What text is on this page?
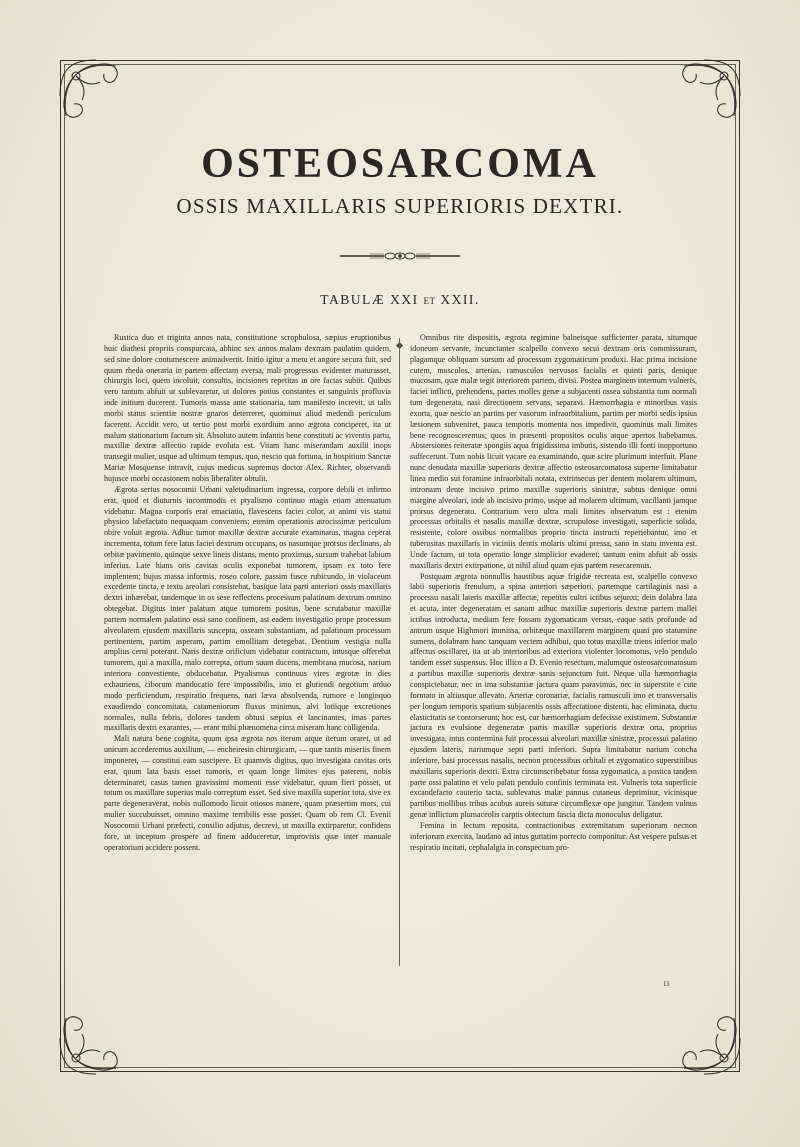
OSTEOSARCOMA
OSSIS MAXILLARIS SUPERIORIS DEXTRI.
TABULÆ XXI ET XXII.

Rustica duo et triginta annos nata, constitutione scrophulosa, sæpius eruptionibus huic diathesi propriis conspurcata, abhinc sex annos malam dextram paulatim quidem, sed sine dolore contumescere animadvertit. Initio igitur a metu et angore secura fuit, sed quum rheda oneraria in partem affectam eversa, mali progressus evidenter maturasset, chirurgis loci, quem incoluit, consultis, incisiones repetitas in ore factas subiit. Quibus vero tantum abfuit ut sublevaretur, ut dolores potius constantes et sanguinis profluvia inde initium ducerent. Tumoris massa ante stationaria, tam manifesto increvit, ut talis morbi status scientiæ nostræ gnaros deterreret, quominus aliud medendi periculum facerent. Accidit vero, ut tertio post morbi exordium anno ægrota conciperet, ita ut malum stationarium factum sit. Absoluto autem infantis bene constituti ac viventis partu, maxillæ dextræ affectio rapide evoluta est. Vitam hanc miserandam auxilii inops transegit mulier, usque ad ultimum tempus, quo, nescio qua fortuna, in hospitium Sanctæ Mariæ Mosquense intravit, cujus medicus supremus doctor Alex. Richter, observandi hujusce morbi occasionem nobis liberaliter obtulit.

Ægrota serius nosocomii Urbani valetudinarium ingressa, corpore debili et infirmo erat, quod et diuturnis incommodis et ptyalismo continuo magis etiam attenuatum videbatur. Magna corporis erat emaciatio, flavescens faciei color, at animi vis statui physico labefactato nequaquam conveniens; etenim operationis atrocissimæ periculum obire voluit ægrota. Adhuc tumor maxillæ dextræ accurate examinatus, magna ceperat incrementa, totum fere latus faciei dextrum occupans, os nasumque prorsus declinans, ab orbitæ pavimento, quinque sexve lineis distans, mento proximus, sursum trahebat labium inferius. Late hians oris cavitas oculis exponebat tumorem, ipsam ex toto fere implentem; hujus massa informis, roseo colore, passim fusce rubicundo, in violaceum excedente tincta, e textu areolari consistebat, basique lata parti anteriori ossis maxillaris dextri inhærebat, tandemque in os sese reflectens processum palatinum dextrum omnino obtegebat. Digitus inter palatum atque tumorem positus, bene scrutabatur maxillæ partem normalem palatino ossi sano confinem, ast eadem investigatio prope processum alveolarem ejusdem maxillaris suscepta, osseam substantiam, ad palatinum processum pertinentem, partim asperam, partim emollitam detegebat. Dentium vestigia nulla amplius cerni poterant. Naris dextræ orificium videbatur contractum, intusque offerebat tumorem, qui a maxilla, malo correpta, ortum suum ducens, membrana mucosa, narium interiora convestiente, obducebatur. Ptyalismus continuus vires ægrotæ in dies exhauriens, ciborum manducatio fere impossibilis, imo et glutiendi negotium arduo modo perficiendum, respiratio frequens, nari læva absolvenda, rumore e longinquo exaudiendo concomitata, catameniorum fluxus minimus, alvi lotiique excretiones normales, nulla febris, dolores tandem obtusi sæpius et lancinantes, imas partes maxillaris dextri exarantes, — erant mihi phænomena circa miseram hanc colligenda.

Mali natura bene cognita, quum ipsa ægrota nos iterum atque iterum oraret, ut ad unicum accederemus auxilium, — encheiresin chirurgicam, — quæ tantis miseriis finem imponeret, — constitui eam suscipere. Et quamvis digitus, quo investigata cavitas oris erat, quum lata basis esset tumoris, et quam longe limites ejus paterent, nobis determinaret, casus tamen gravissimi momenti esse videbatur, quum fieri posset, ut totum os maxillare superius malo correptum esset. Sed sive maxilla superior tota, sive ex parte degeneraverat, nobis nullomodo licuit otiosos manere, quam præsertim mors, cui mulier succubuisset, omnino maxime terribilis esse posset. Quam ob rem Cl. Evenii Nosocomii Urbani præfecti, consilio adjutus, decrevi, ut maxilla extirparetur, confidens fore, ut inceptum prospere ad finem adduceretur, improvisis quæ inter manuale operatorium accidere possent.

Omnibus rite dispositis, ægrota regimine balneisque sufficienter parata, situmque idoneum servante, incunctanter scalpello convexo secui dextram oris commissuram, plagamque obliquam sursum ad processum zygomaticum produxi. Hac prima incisione cutem, musculos, arterias, ramusculos nervosos facialis et quinti paris, denique mucosam, quæ malæ tegit interiorem partem, divisi. Postea marginem internum vulneris, faciei inflicti, prehendens, partes molles genæ a subjacenti ossea substantia tum normali tum degenerata, nasi directionem servans, separavi. Hæmorrhagia e minoribus vasis exorta, quæ nescio an partim per vasorum infraorbitalium, partim per morbi sedis ipsius læsionem subveniret, pauca temporis momenta nos impedivit, quominus mali limites bene recognosceremus; quos in præsenti propositos oculis atque apertos habebamus. Abstersiones reiteratæ spongiis aqua frigidissima imbutis, sistendo illi fonti inopportuno suffecerunt. Tum nobis licuit vacare ea examinando, quæ scire plurimum interfuit. Plane nunc denudata maxillæ superioris dextræ affectio osteosarcomatosa superne limitabatur linea medio sui foramine infraorbitali notata, extrinsecus per dentem molarem ultimum, introrsum dente incisivo primo maxillæ superioris sinistræ, subtus denique omni margine alveolari, inde ab incisivo primo, usque ad molarem ultimum, vacillanti jamque prorsus degenerato. Contrarium vero ultra mali limites observatum est : etenim processus orbitalis et nasalis maxillæ dextræ, scrupulose investigati, superficie solida, resistente, colore ossibus normalibus proprio tincta instructi reperiebantur, imo et tuberositas maxillaris in viciniis dentis molaris ultimi pressa, sano in statu inventa est. Unde factum, ut tota operatio longe simplicior evaderet; tantum enim abfuit ab ossis maxillaris dextri extirpatione, ut nihil aliud quam ejus partem resecaremus.

Postquam ægrota nonnullis haustibus aquæ frigidæ recreata est, scalpello convexo labii superioris frenulum, a spina anteriori sæperiori, partemque cartilaginis nasi a processu nasali lateris maxillæ affectæ, repetitis cultri ictibus sejunxi; dein dolabra lata et acuta, inter degeneratam et sanam adhuc maxillæ superioris dextræ partem mallei ictibus introducta, mediam fere fossam zygomaticam versus, eaque satis profunde ad antrum usque Highmori immissa, orbitæque maxillarem marginem quasi pro statumine sumens, dolabram hanc tanquam vectem adhibui, quo totus maxillæ triens inferior malo affectus oscillaret, ita ut ab interioribus ad exteriora violenter locomotus, velo pendulo tandem esset suspensus. Hoc illico a D. Evenio resectum, malumque osteosarcomatosum a partibus maxillæ superioris dextræ sanis sejunctum fuit. Neque ulla hæmorrhagia conspiciebatur, nec in ima substantiæ jactura quam paravimus, nec in superstite e cute formato in altiusque allevato. Arteriæ coronariæ, facialis ramusculi imo et transversalis per longum temporis spatium subjacentis ossis affectatione distenti, hac eliminata, ductu elasticitatis se contorserunt; hoc est, cur hæmorrhagiam defecisse existimem. Substantiæ jactura ex evulsione degeneratæ partis maxillæ superioris dextræ orta, proprius investigata, intus contermina fuit processui alveolari maxillæ sinistræ, processui palatino ejusdem lateris, nariumque septi parti inferiori. Supra limitabatur narium concha inferiore, basi processus nasalis, necnon processibus orbitali et zygomatico superstitibus maxillaris superioris dextri. Extra circumscribebatur fossa zygomatica, a postica tandem parte ossi palatino et velo palati pendulo confinis terminata est. Vulneris tota superficie excandefacto cauterio tacta, sublevatus malæ pannus cutaneus deprimitur, vicinisque partibus mollibus tribus acubus aureis suturæ circumflexæ ope jungitur. Tandem vulnus genæ inflictum plumaceolis carptis obtectum fascia dicta monoculus deligatur.

Femina in lectum reposita, contractionibus extremitatum superiorum necnon inferiorum exercita, laudano ad intus guttatim porrecto componitur. Ast vespere pulsus et respiratio incitati, cephalalgia in conspectum pro-

11
